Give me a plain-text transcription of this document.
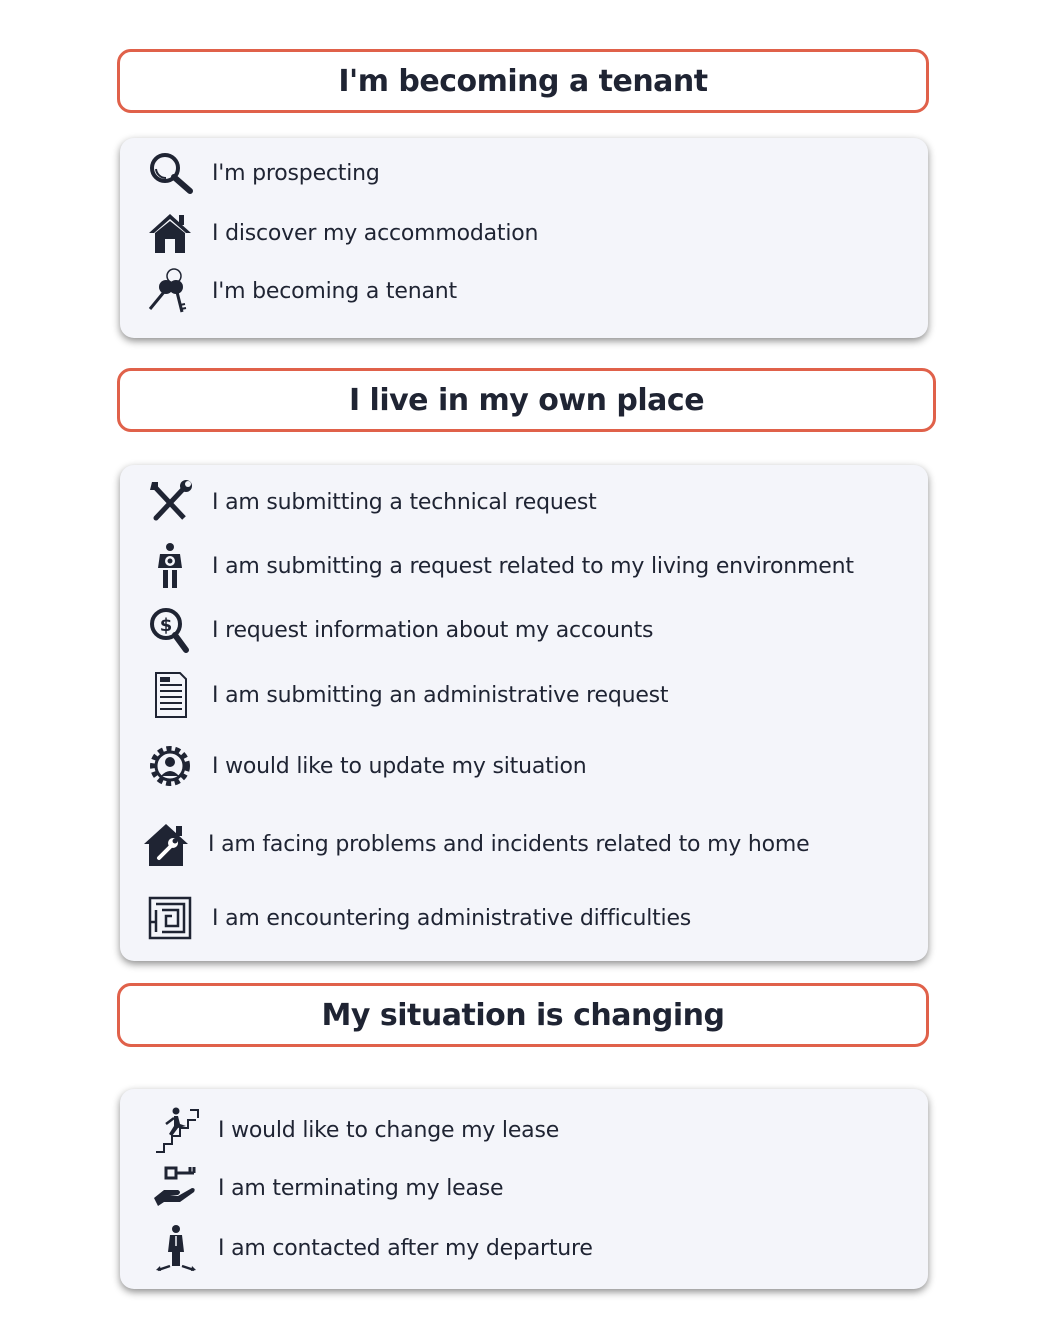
I'm becoming a tenant
I'm prospecting
I discover my accommodation
I'm becoming a tenant
I live in my own place
I am submitting a technical request
I am submitting a request related to my living environment
$	I request information about my accounts
I am submitting an administrative request
I would like to update my situation
I am facing problems and incidents related to my home
I am encountering administrative difficulties
My situation is changing
I would like to change my lease
I am terminating my lease
I am contacted after my departure
